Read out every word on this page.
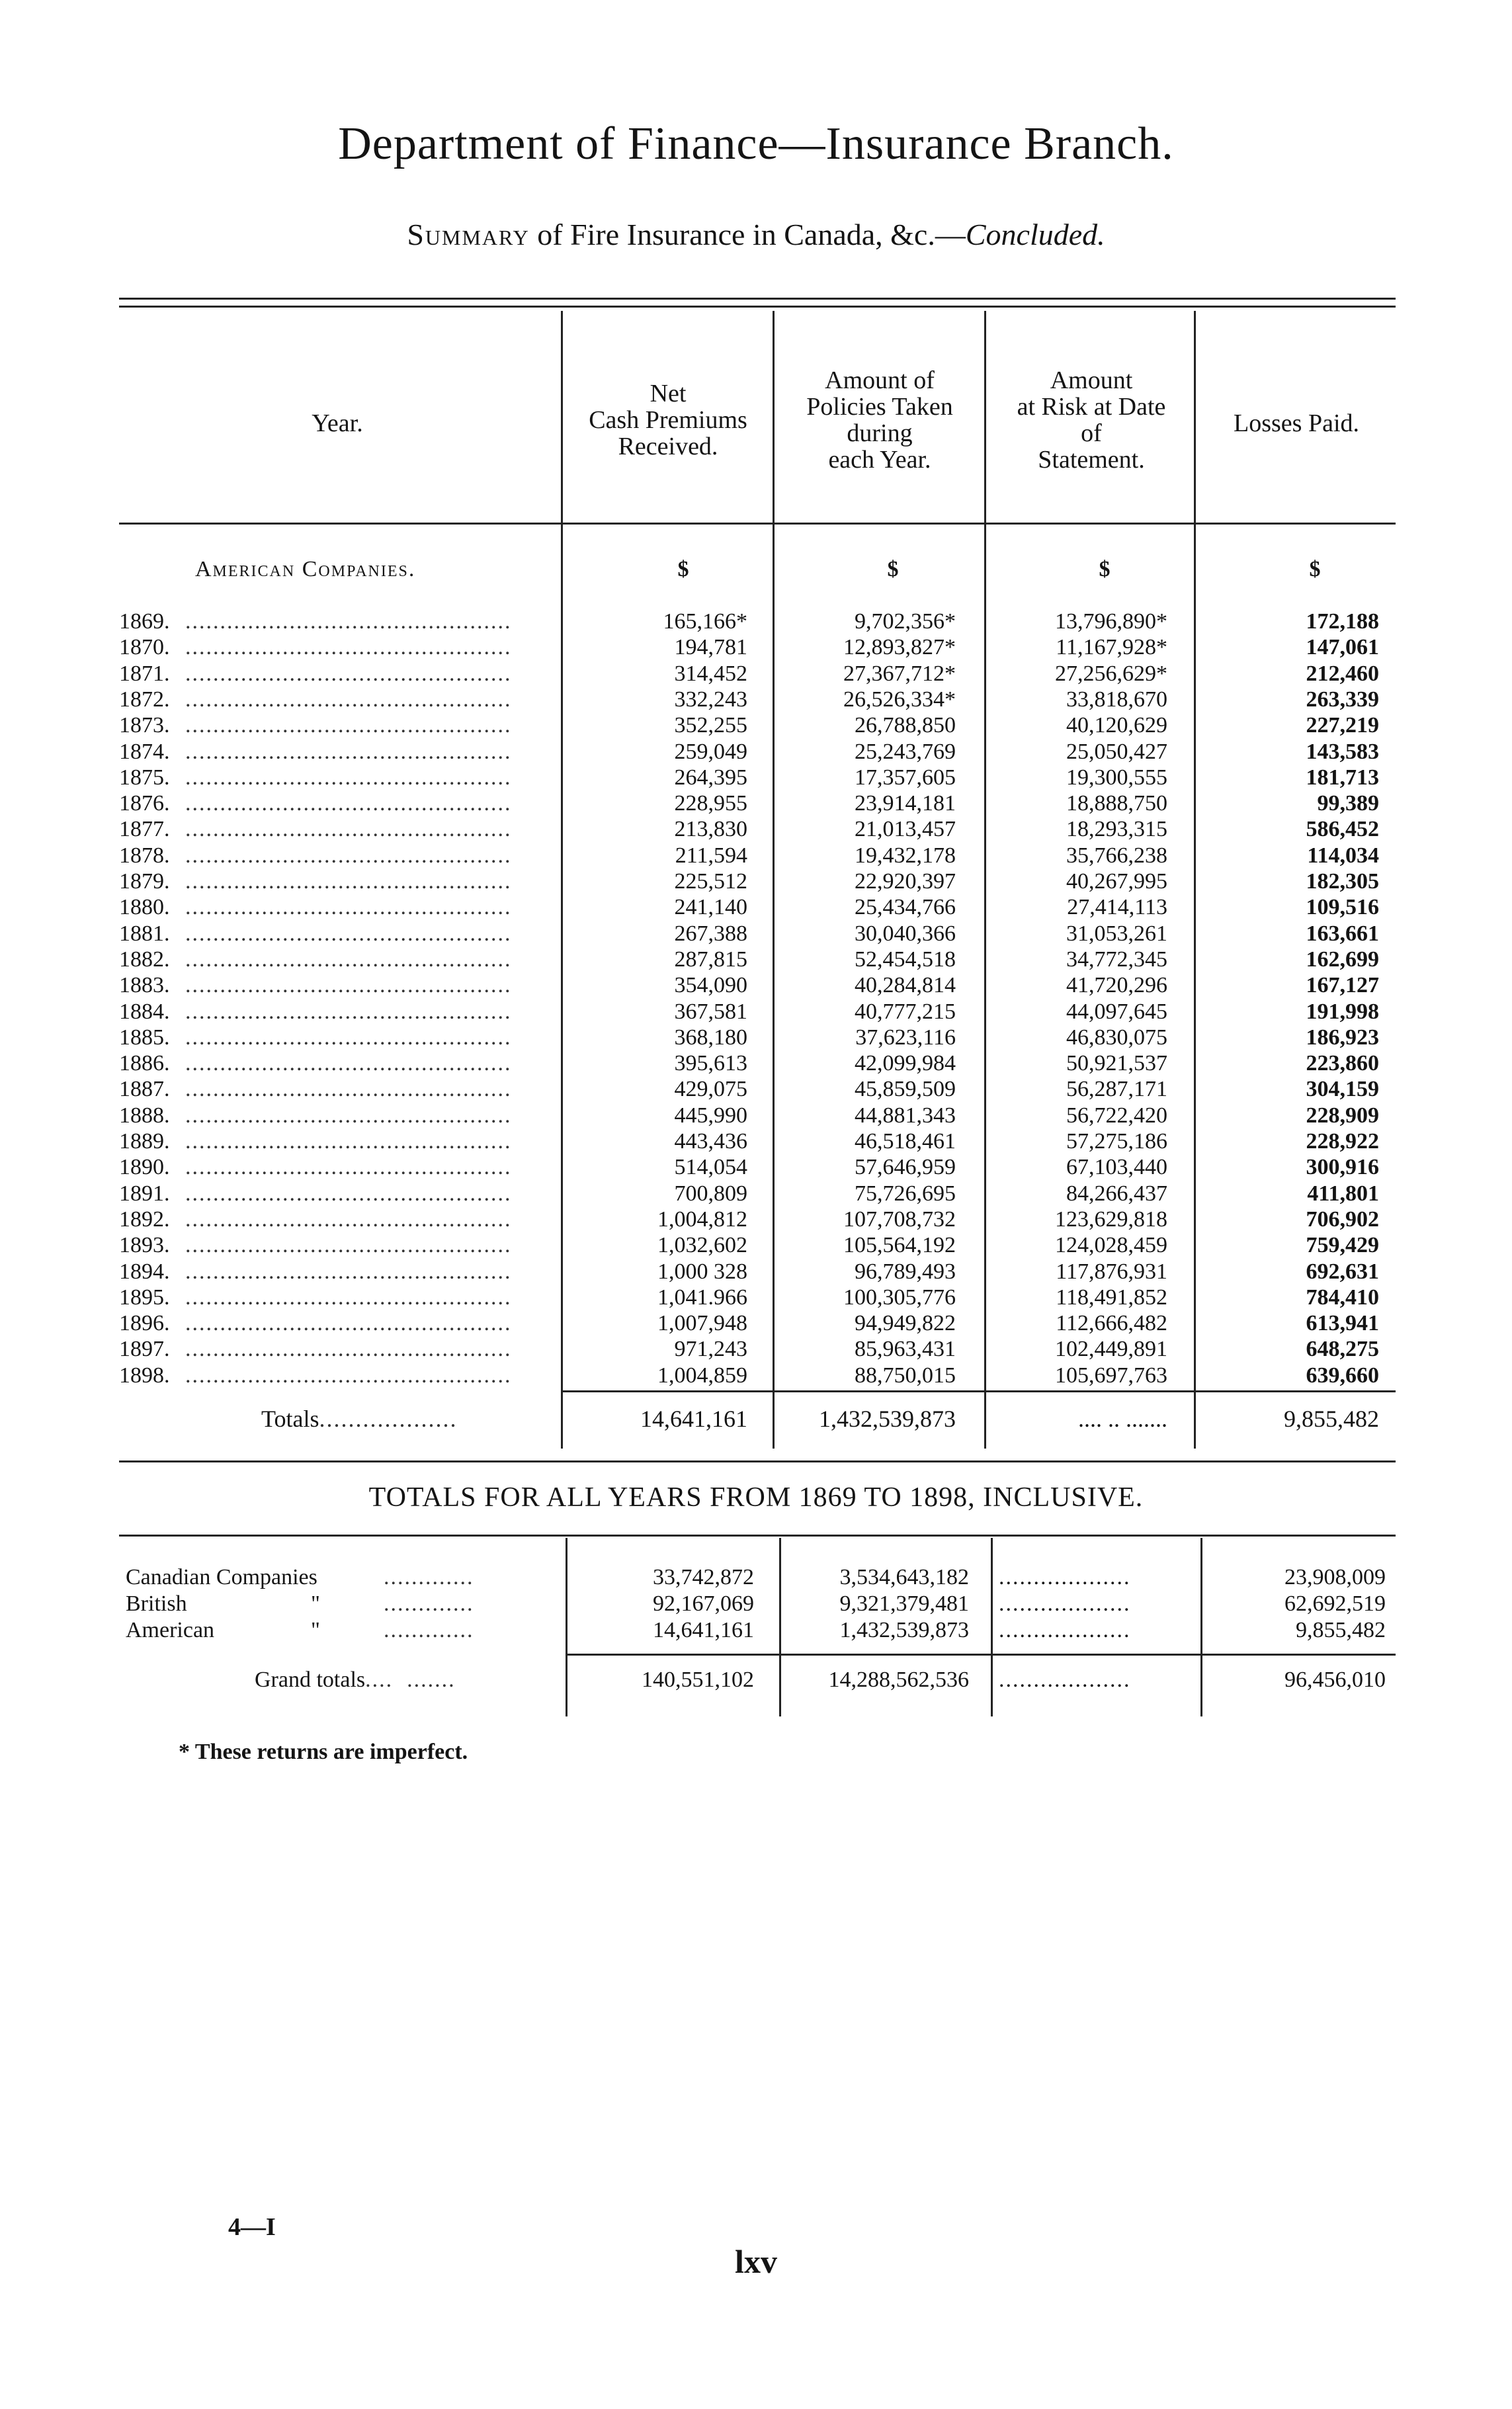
Department of Finance—Insurance Branch.
Summary of Fire Insurance in Canada, &c.—Concluded.
Year.
Net
Cash Premiums
Received.
Amount of
Policies Taken
during
each Year.
Amount
at Risk at Date
of
Statement.
Losses Paid.
American Companies.	$	$	$	$
1869. ...............................................	165,166*	9,702,356*	13,796,890*	172,188
1870. ...............................................	194,781	12,893,827*	11,167,928*	147,061
1871. ...............................................	314,452	27,367,712*	27,256,629*	212,460
1872. ...............................................	332,243	26,526,334*	33,818,670	263,339
1873. ...............................................	352,255	26,788,850	40,120,629	227,219
1874. ...............................................	259,049	25,243,769	25,050,427	143,583
1875. ...............................................	264,395	17,357,605	19,300,555	181,713
1876. ...............................................	228,955	23,914,181	18,888,750	99,389
1877. ...............................................	213,830	21,013,457	18,293,315	586,452
1878. ...............................................	211,594	19,432,178	35,766,238	114,034
1879. ...............................................	225,512	22,920,397	40,267,995	182,305
1880. ...............................................	241,140	25,434,766	27,414,113	109,516
1881. ...............................................	267,388	30,040,366	31,053,261	163,661
1882. ...............................................	287,815	52,454,518	34,772,345	162,699
1883. ...............................................	354,090	40,284,814	41,720,296	167,127
1884. ...............................................	367,581	40,777,215	44,097,645	191,998
1885. ...............................................	368,180	37,623,116	46,830,075	186,923
1886. ...............................................	395,613	42,099,984	50,921,537	223,860
1887. ...............................................	429,075	45,859,509	56,287,171	304,159
1888. ...............................................	445,990	44,881,343	56,722,420	228,909
1889. ...............................................	443,436	46,518,461	57,275,186	228,922
1890. ...............................................	514,054	57,646,959	67,103,440	300,916
1891. ...............................................	700,809	75,726,695	84,266,437	411,801
1892. ...............................................	1,004,812	107,708,732	123,629,818	706,902
1893. ...............................................	1,032,602	105,564,192	124,028,459	759,429
1894. ...............................................	1,000 328	96,789,493	117,876,931	692,631
1895. ...............................................	1,041.966	100,305,776	118,491,852	784,410
1896. ...............................................	1,007,948	94,949,822	112,666,482	613,941
1897. ...............................................	971,243	85,963,431	102,449,891	648,275
1898. ...............................................	1,004,859	88,750,015	105,697,763	639,660
Totals...................	14,641,161	1,432,539,873	.... .. .......	9,855,482
TOTALS FOR ALL YEARS FROM 1869 TO 1898, INCLUSIVE.
Canadian Companies	.............	33,742,872	3,534,643,182 ...................	23,908,009
British	"	.............	92,167,069	9,321,379,481 ...................	62,692,519
American	"	.............	14,641,161	1,432,539,873 ...................	9,855,482
Grand totals....  .......	140,551,102	14,288,562,536 ...................	96,456,010
* These returns are imperfect.
4—I
lxv
